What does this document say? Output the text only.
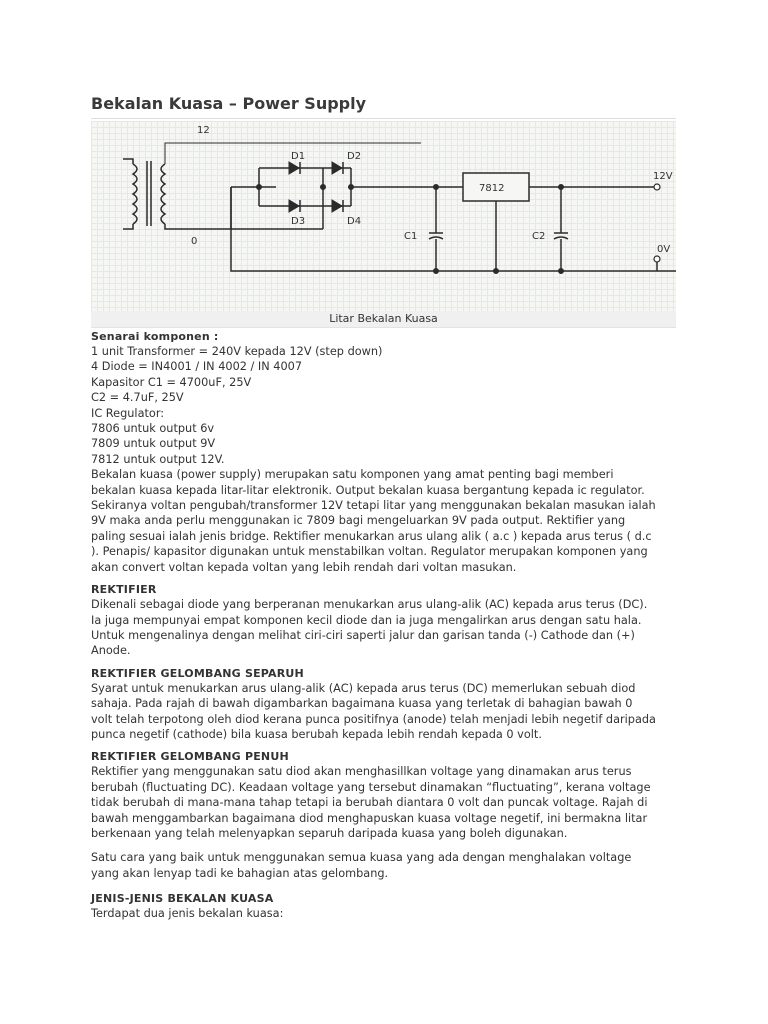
Bekalan Kuasa – Power Supply
12
0
D1	D2
D3	D4
7812
C1	C2
12V
0V
Litar Bekalan Kuasa

Senarai komponen :

1 unit Transformer = 240V kepada 12V (step down)
4 Diode = IN4001 / IN 4002 / IN 4007
Kapasitor C1 = 4700uF, 25V
C2 = 4.7uF, 25V
IC Regulator:
7806 untuk output 6v
7809 untuk output 9V
7812 untuk output 12V.
Bekalan kuasa (power supply) merupakan satu komponen yang amat penting bagi memberi
bekalan kuasa kepada litar-litar elektronik. Output bekalan kuasa bergantung kepada ic regulator.
Sekiranya voltan pengubah/transformer 12V tetapi litar yang menggunakan bekalan masukan ialah
9V maka anda perlu menggunakan ic 7809 bagi mengeluarkan 9V pada output. Rektifier yang
paling sesuai ialah jenis bridge. Rektifier menukarkan arus ulang alik ( a.c ) kepada arus terus ( d.c
). Penapis/ kapasitor digunakan untuk menstabilkan voltan. Regulator merupakan komponen yang
akan convert voltan kepada voltan yang lebih rendah dari voltan masukan.

REKTIFIER

Dikenali sebagai diode yang berperanan menukarkan arus ulang-alik (AC) kepada arus terus (DC).
Ia juga mempunyai empat komponen kecil diode dan ia juga mengalirkan arus dengan satu hala.
Untuk mengenalinya dengan melihat ciri-ciri saperti jalur dan garisan tanda (-) Cathode dan (+)
Anode.

REKTIFIER GELOMBANG SEPARUH

Syarat untuk menukarkan arus ulang-alik (AC) kepada arus terus (DC) memerlukan sebuah diod
sahaja. Pada rajah di bawah digambarkan bagaimana kuasa yang terletak di bahagian bawah 0
volt telah terpotong oleh diod kerana punca positifnya (anode) telah menjadi lebih negetif daripada
punca negetif (cathode) bila kuasa berubah kepada lebih rendah kepada 0 volt.

REKTIFIER GELOMBANG PENUH

Rektifier yang menggunakan satu diod akan menghasillkan voltage yang dinamakan arus terus
berubah (fluctuating DC). Keadaan voltage yang tersebut dinamakan “fluctuating”, kerana voltage
tidak berubah di mana-mana tahap tetapi ia berubah diantara 0 volt dan puncak voltage. Rajah di
bawah menggambarkan bagaimana diod menghapuskan kuasa voltage negetif, ini bermakna litar
berkenaan yang telah melenyapkan separuh daripada kuasa yang boleh digunakan.
Satu cara yang baik untuk menggunakan semua kuasa yang ada dengan menghalakan voltage
yang akan lenyap tadi ke bahagian atas gelombang.

JENIS-JENIS BEKALAN KUASA

Terdapat dua jenis bekalan kuasa:
